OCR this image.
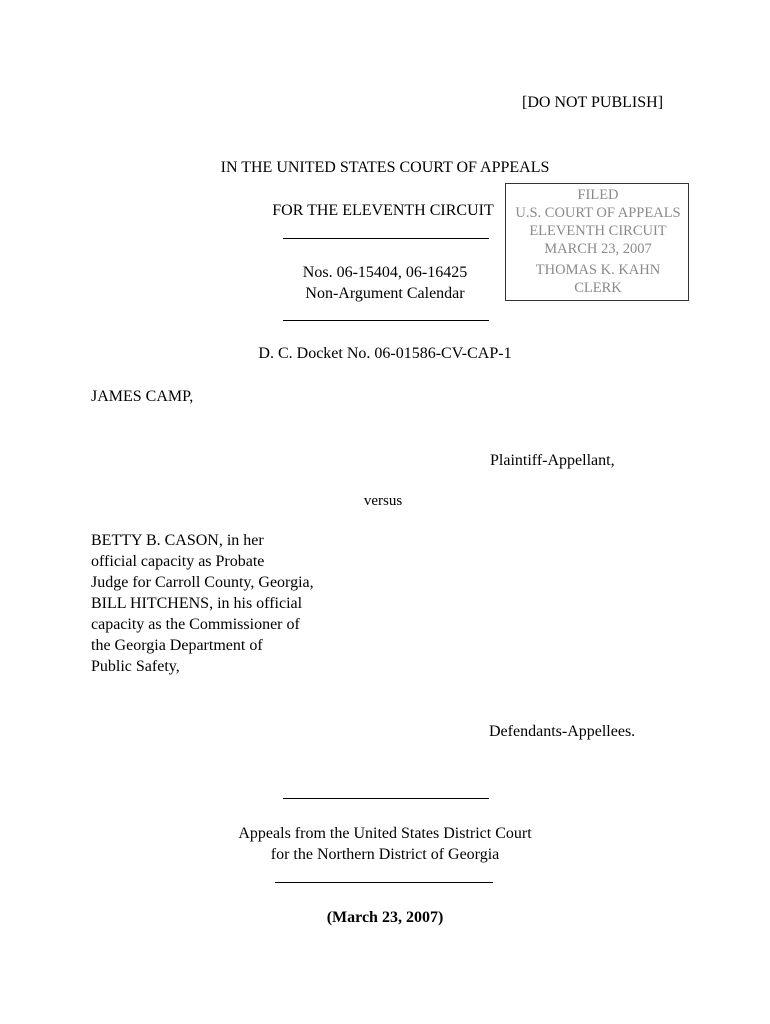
[DO NOT PUBLISH]
IN THE UNITED STATES COURT OF APPEALS
FOR THE ELEVENTH CIRCUIT
Nos. 06-15404, 06-16425
Non-Argument Calendar
FILED
U.S. COURT OF APPEALS
ELEVENTH CIRCUIT
MARCH 23, 2007
THOMAS K. KAHN
CLERK
D. C. Docket No. 06-01586-CV-CAP-1
JAMES CAMP,
Plaintiff-Appellant,
versus
BETTY B. CASON, in her
official capacity as Probate
Judge for Carroll County, Georgia,
BILL HITCHENS, in his official
capacity as the Commissioner of
the Georgia Department of
Public Safety,
Defendants-Appellees.
Appeals from the United States District Court
for the Northern District of Georgia
(March 23, 2007)
